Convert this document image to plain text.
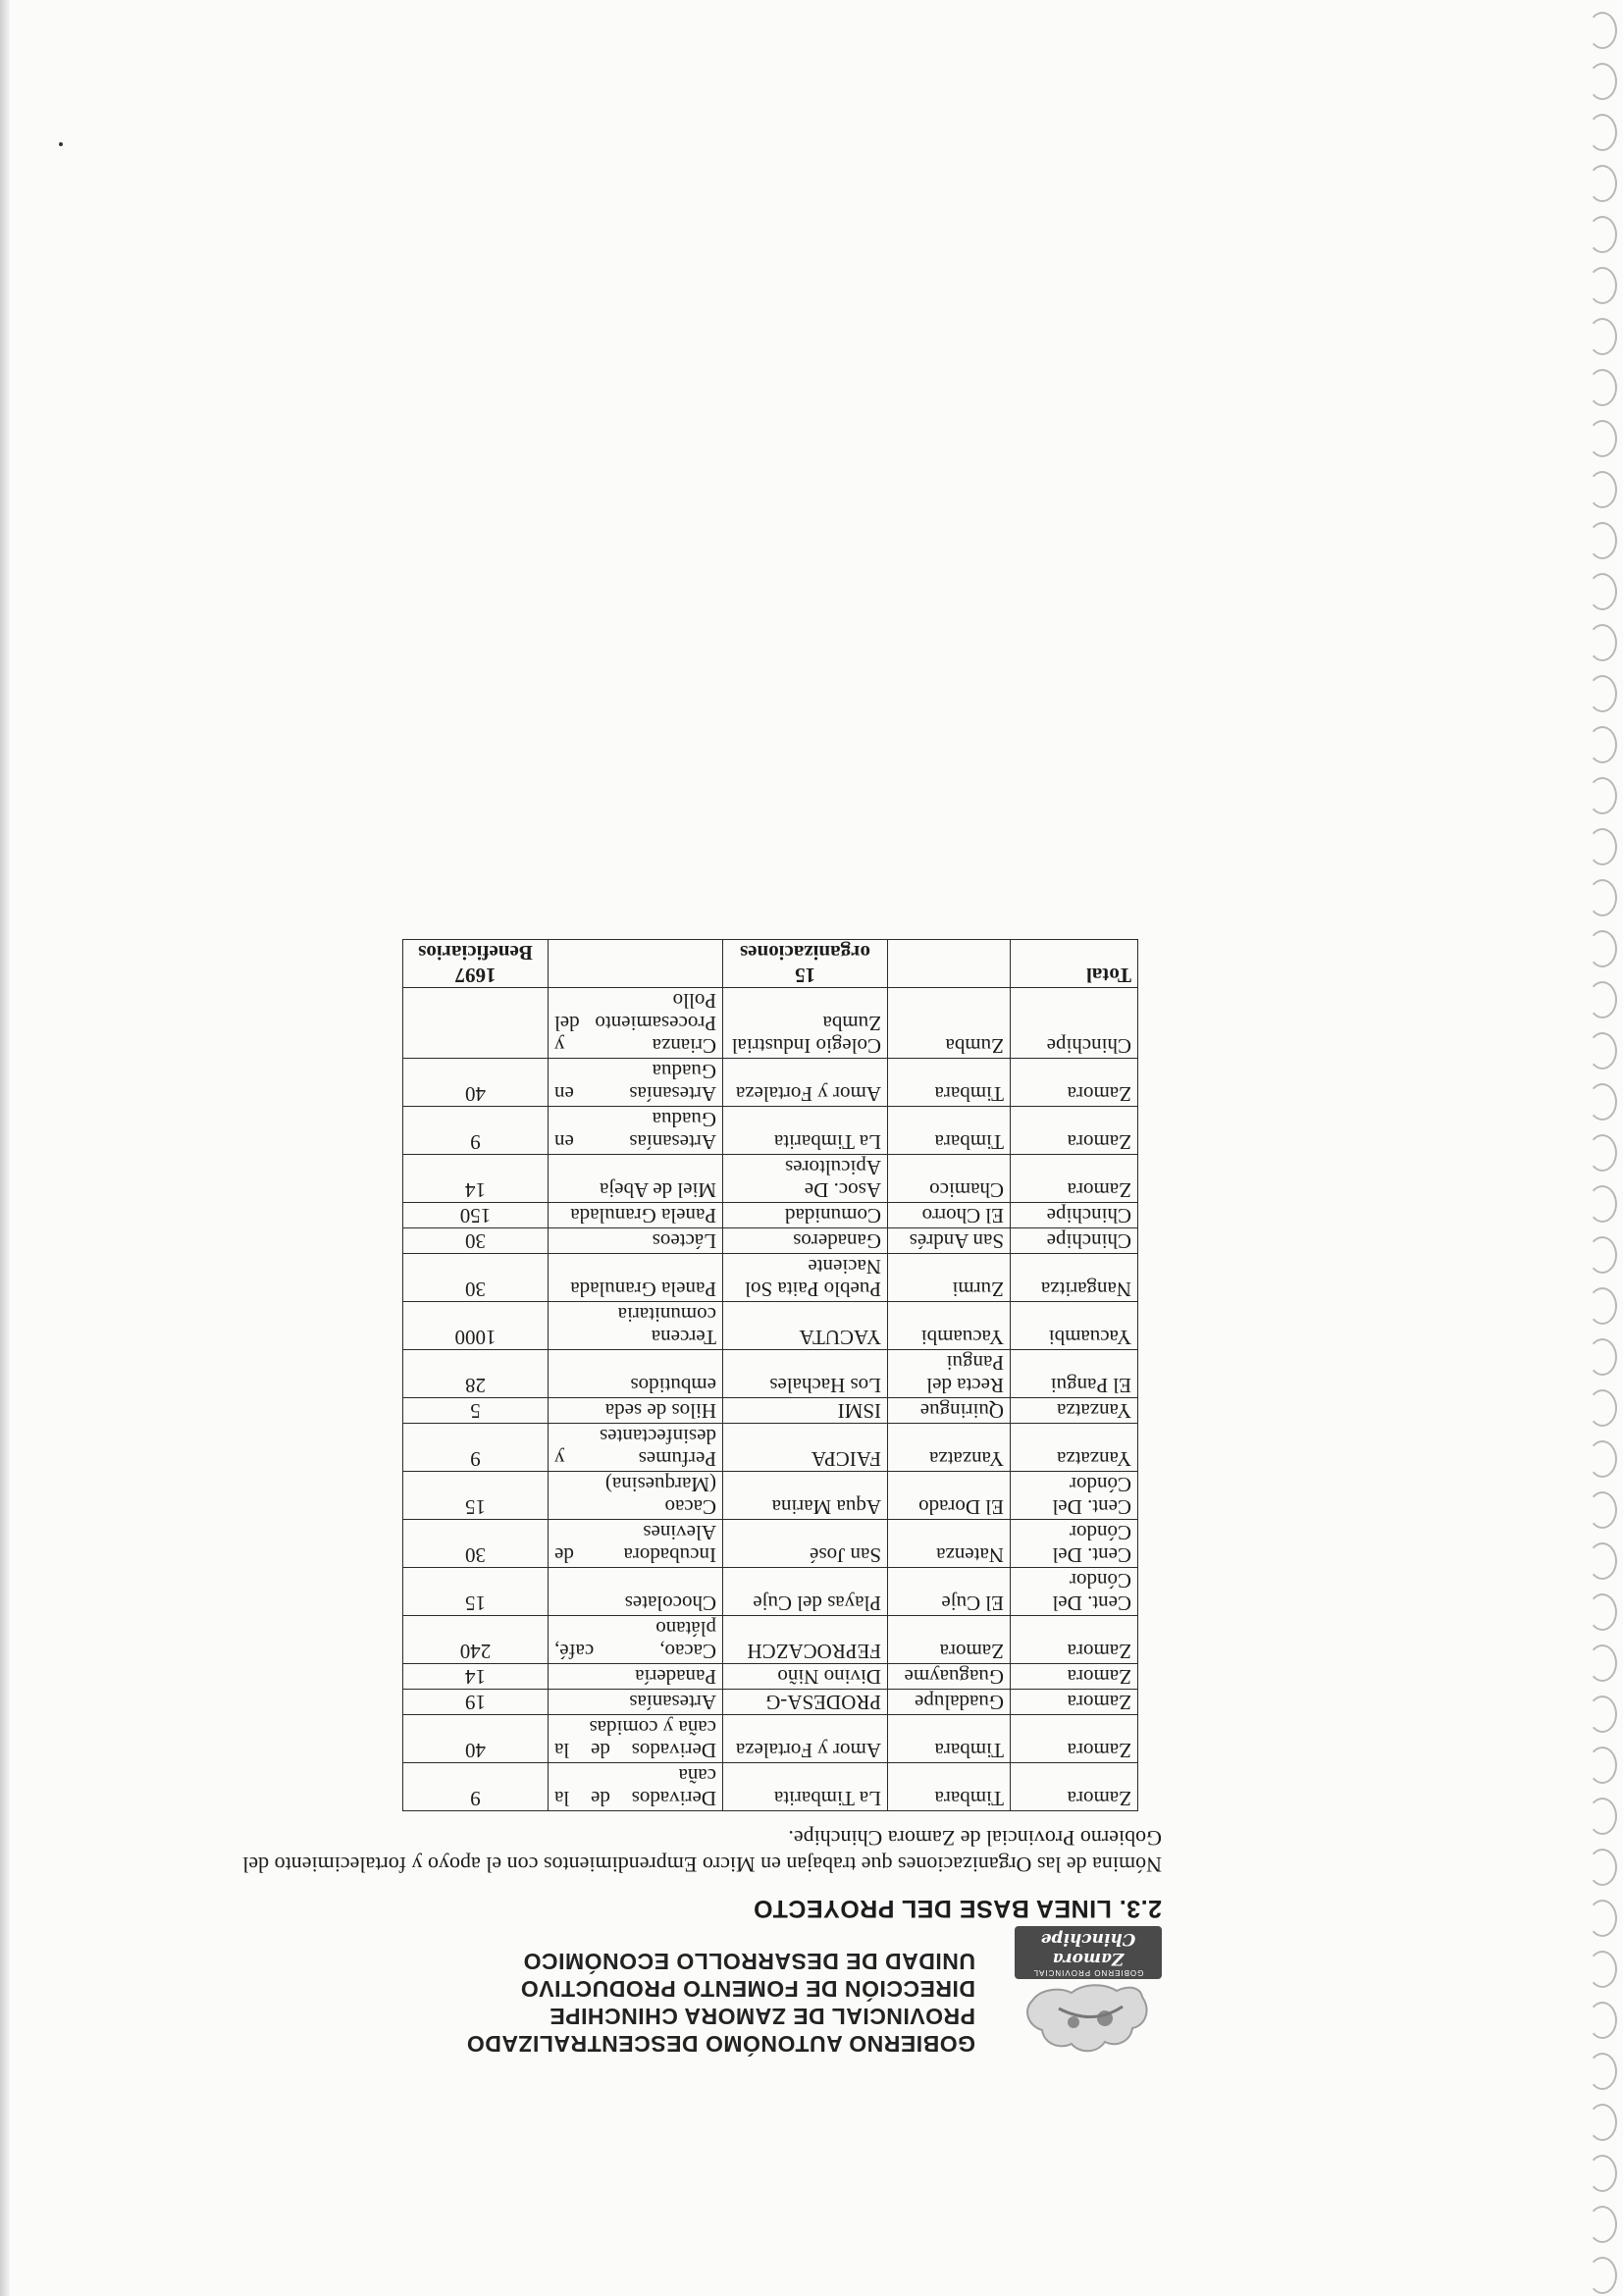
GOBIERNO PROVINCIAL
Zamora Chinchipe
GOBIERNO AUTONÓMO DESCENTRALIZADO
PROVINCIAL DE ZAMORA CHINCHIPE
DIRECCIÓN DE FOMENTO PRODUCTIVO
UNIDAD DE DESARROLLO ECONÓMICO
2.3. LINEA BASE DEL PROYECTO
Nómina de las Organizaciones que trabajan en Micro Emprendimientos con el apoyo y fortalecimiento del Gobierno Provincial de Zamora Chinchipe.
Zamora	Timbara	La Timbarita	Derivados de la caña	9
Zamora	Timbara	Amor y Fortaleza	Derivados de la caña y comidas	40
Zamora	Guadalupe	PRODESA-G	Artesanías	19
Zamora	Guaguayme	Divino Niño	Panadería	14
Zamora	Zamora	FEPROCAZCH	Cacao, café, plátano	240
Cent. Del Cóndor	El Cuje	Playas del Cuje	Chocolates	15
Cent. Del Cóndor	Natenza	San José	Incubadora de Alevines	30
Cent. Del Cóndor	El Dorado	Aqua Marina	Cacao (Marquesina)	15
Yanzatza	Yanzatza	FAICPA	Perfumes y desinfectantes	9
Yanzatza	Quiringue	ISMI	Hilos de seda	5
El Pangui	Recta del Pangui	Los Hachales	embutidos	28
Yacuambi	Yacuambi	YACUTA	Tercena comunitaria	1000
Nangaritza	Zurmi	Pueblo Paita Sol Naciente	Panela Granulada	30
Chinchipe	San Andrés	Ganaderos	Lácteos	30
Chinchipe	El Chorro	Comunidad	Panela Granulada	150
Zamora	Chamico	Asoc. De Apicultores	Miel de Abeja	14
Zamora	Timbara	La Timbarita	Artesanías en Guadua	9
Zamora	Timbara	Amor y Fortaleza	Artesanías en Guadua	40
Chinchipe	Zumba	Colegio Industrial Zumba	Crianza y Procesamiento del Pollo	
Total		15 organizaciones		1697 Beneficiarios
